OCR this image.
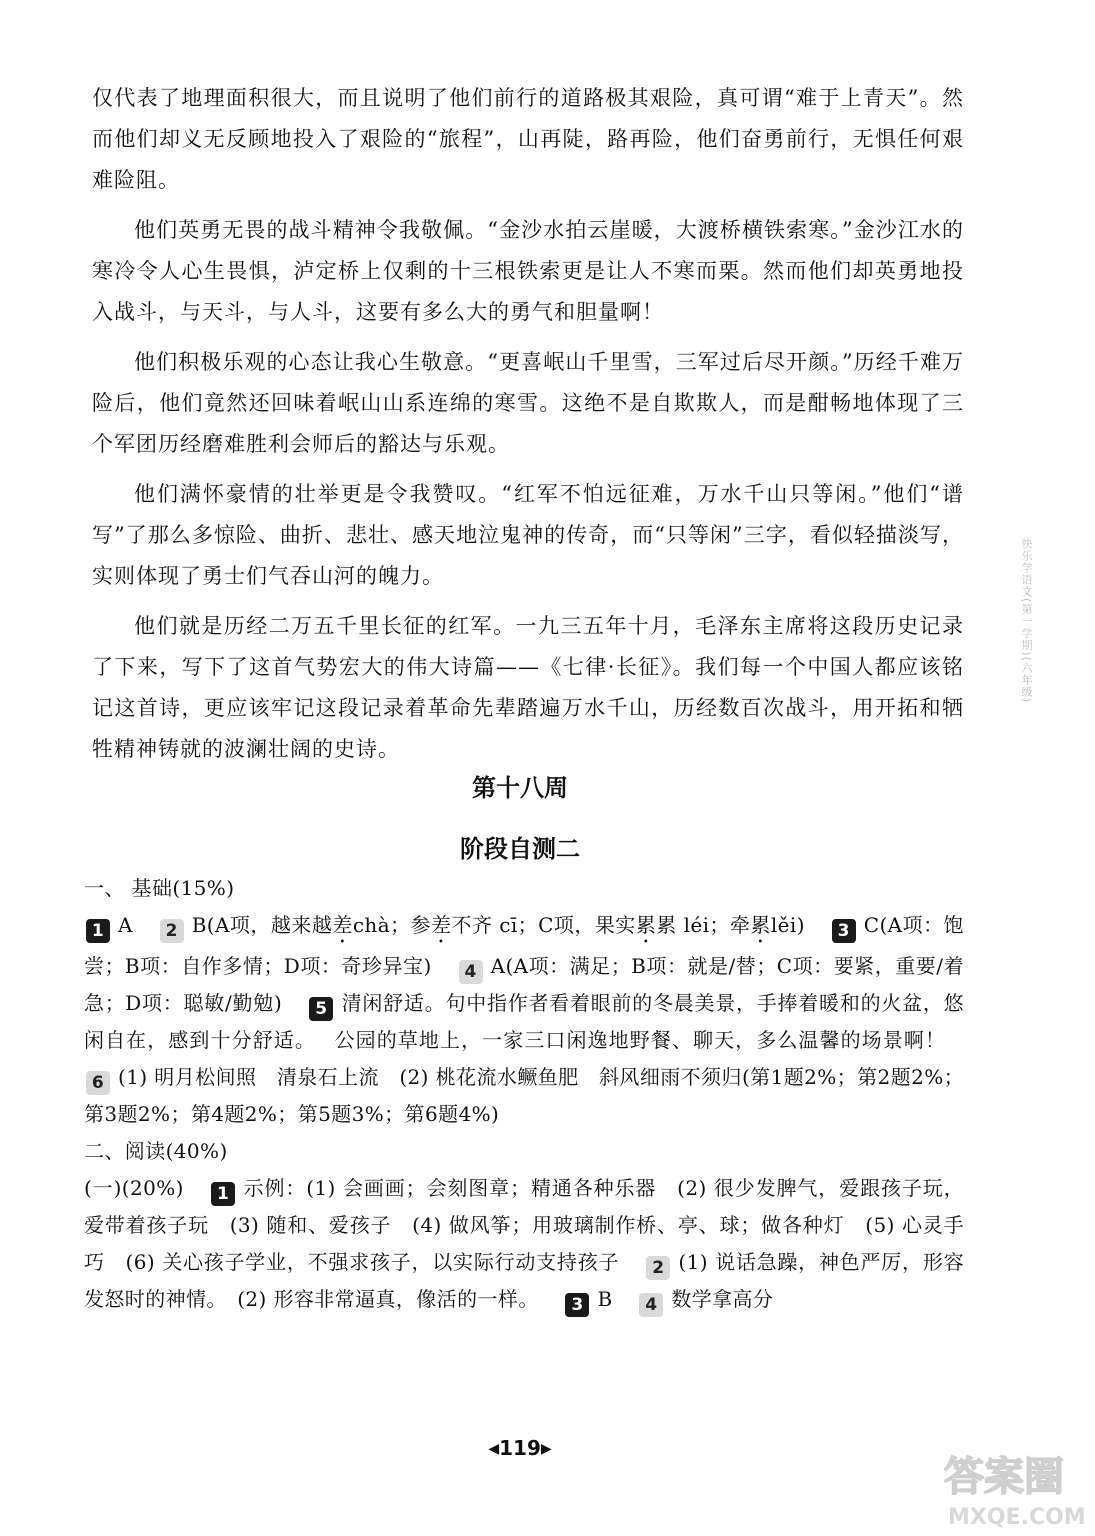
仅代表了地理面积很大，而且说明了他们前行的道路极其艰险，真可谓“难于上青天”。然而他们却义无反顾地投入了艰险的“旅程”，山再陡，路再险，他们奋勇前行，无惧任何艰难险阻。

他们英勇无畏的战斗精神令我敬佩。“金沙水拍云崖暖，大渡桥横铁索寒。”金沙江水的寒冷令人心生畏惧，泸定桥上仅剩的十三根铁索更是让人不寒而栗。然而他们却英勇地投入战斗，与天斗，与人斗，这要有多么大的勇气和胆量啊！

他们积极乐观的心态让我心生敬意。“更喜岷山千里雪，三军过后尽开颜。”历经千难万险后，他们竟然还回味着岷山山系连绵的寒雪。这绝不是自欺欺人，而是酣畅地体现了三个军团历经磨难胜利会师后的豁达与乐观。

他们满怀豪情的壮举更是令我赞叹。“红军不怕远征难，万水千山只等闲。”他们“谱写”了那么多惊险、曲折、悲壮、感天地泣鬼神的传奇，而“只等闲”三字，看似轻描淡写，实则体现了勇士们气吞山河的魄力。

他们就是历经二万五千里长征的红军。一九三五年十月，毛泽东主席将这段历史记录了下来，写下了这首气势宏大的伟大诗篇——《七律·长征》。我们每一个中国人都应该铭记这首诗，更应该牢记这段记录着革命先辈踏遍万水千山，历经数百次战斗，用开拓和牺牲精神铸就的波澜壮阔的史诗。

第十八周
阶段自测二
一、 基础(15%)
1 A 2 B(A项，越来越差chà；参差不齐 cī；C项，果实累累 léi；牵累lěi) 3 C(A项：饱尝；B项：自作多情；D项：奇珍异宝) 4 A(A项：满足；B项：就是/替；C项：要紧，重要/着急；D项：聪敏/勤勉) 5 清闲舒适。句中指作者看着眼前的冬晨美景，手捧着暖和的火盆，悠闲自在，感到十分舒适。 公园的草地上，一家三口闲逸地野餐、聊天，多么温馨的场景啊！ 6 (1) 明月松间照　清泉石上流　(2) 桃花流水鳜鱼肥　斜风细雨不须归(第1题2%；第2题2%；第3题2%；第4题2%；第5题3%；第6题4%)
二、阅读(40%)
(一)(20%) 1 示例：(1) 会画画；会刻图章；精通各种乐器　(2) 很少发脾气，爱跟孩子玩，爱带着孩子玩　(3) 随和、爱孩子　(4) 做风筝；用玻璃制作桥、亭、球；做各种灯　(5) 心灵手巧　(6) 关心孩子学业，不强求孩子，以实际行动支持孩子 2 (1) 说话急躁，神色严厉，形容发怒时的神情。　(2) 形容非常逼真，像活的一样。 3 B 4 数学拿高分
快乐学语文(第一学期)(六年级)
◀119▶
答案圈
MXQE.COM
